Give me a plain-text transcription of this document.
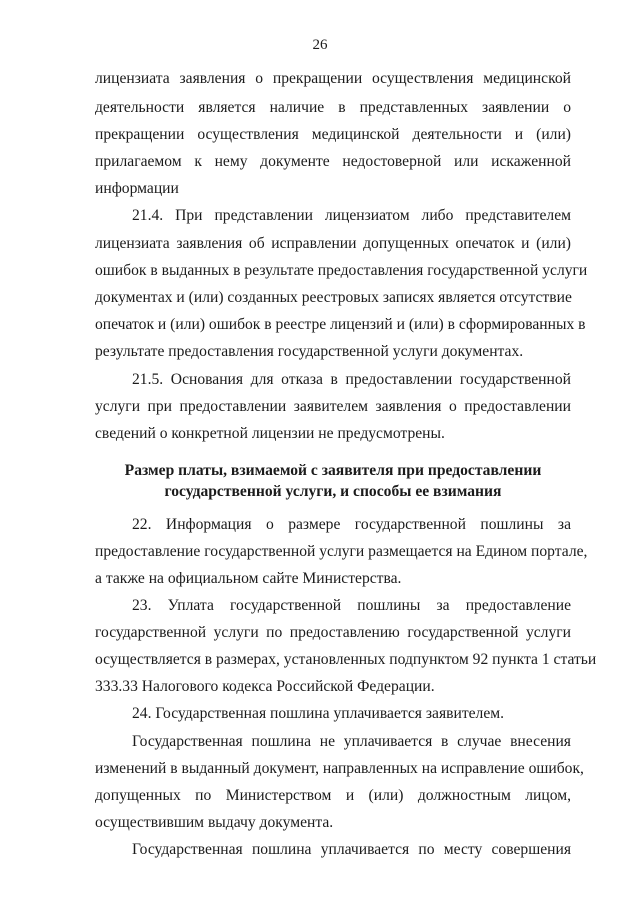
26
лицензиата заявления о прекращении осуществления медицинской
деятельности является наличие в представленных заявлении о
прекращении осуществления медицинской деятельности и (или)
прилагаемом к нему документе недостоверной или искаженной
информации
21.4. При представлении лицензиатом либо представителем
лицензиата заявления об исправлении допущенных опечаток и (или)
ошибок в выданных в результате предоставления государственной услуги
документах и (или) созданных реестровых записях является отсутствие
опечаток и (или) ошибок в реестре лицензий и (или) в сформированных в
результате предоставления государственной услуги документах.
21.5. Основания для отказа в предоставлении государственной
услуги при предоставлении заявителем заявления о предоставлении
сведений о конкретной лицензии не предусмотрены.
Размер платы, взимаемой с заявителя при предоставлении
государственной услуги, и способы ее взимания
22. Информация о размере государственной пошлины за
предоставление государственной услуги размещается на Едином портале,
а также на официальном сайте Министерства.
23. Уплата государственной пошлины за предоставление
государственной услуги по предоставлению государственной услуги
осуществляется в размерах, установленных подпунктом 92 пункта 1 статьи
333.33 Налогового кодекса Российской Федерации.
24. Государственная пошлина уплачивается заявителем.
Государственная пошлина не уплачивается в случае внесения
изменений в выданный документ, направленных на исправление ошибок,
допущенных по Министерством и (или) должностным лицом,
осуществившим выдачу документа.
Государственная пошлина уплачивается по месту совершения
